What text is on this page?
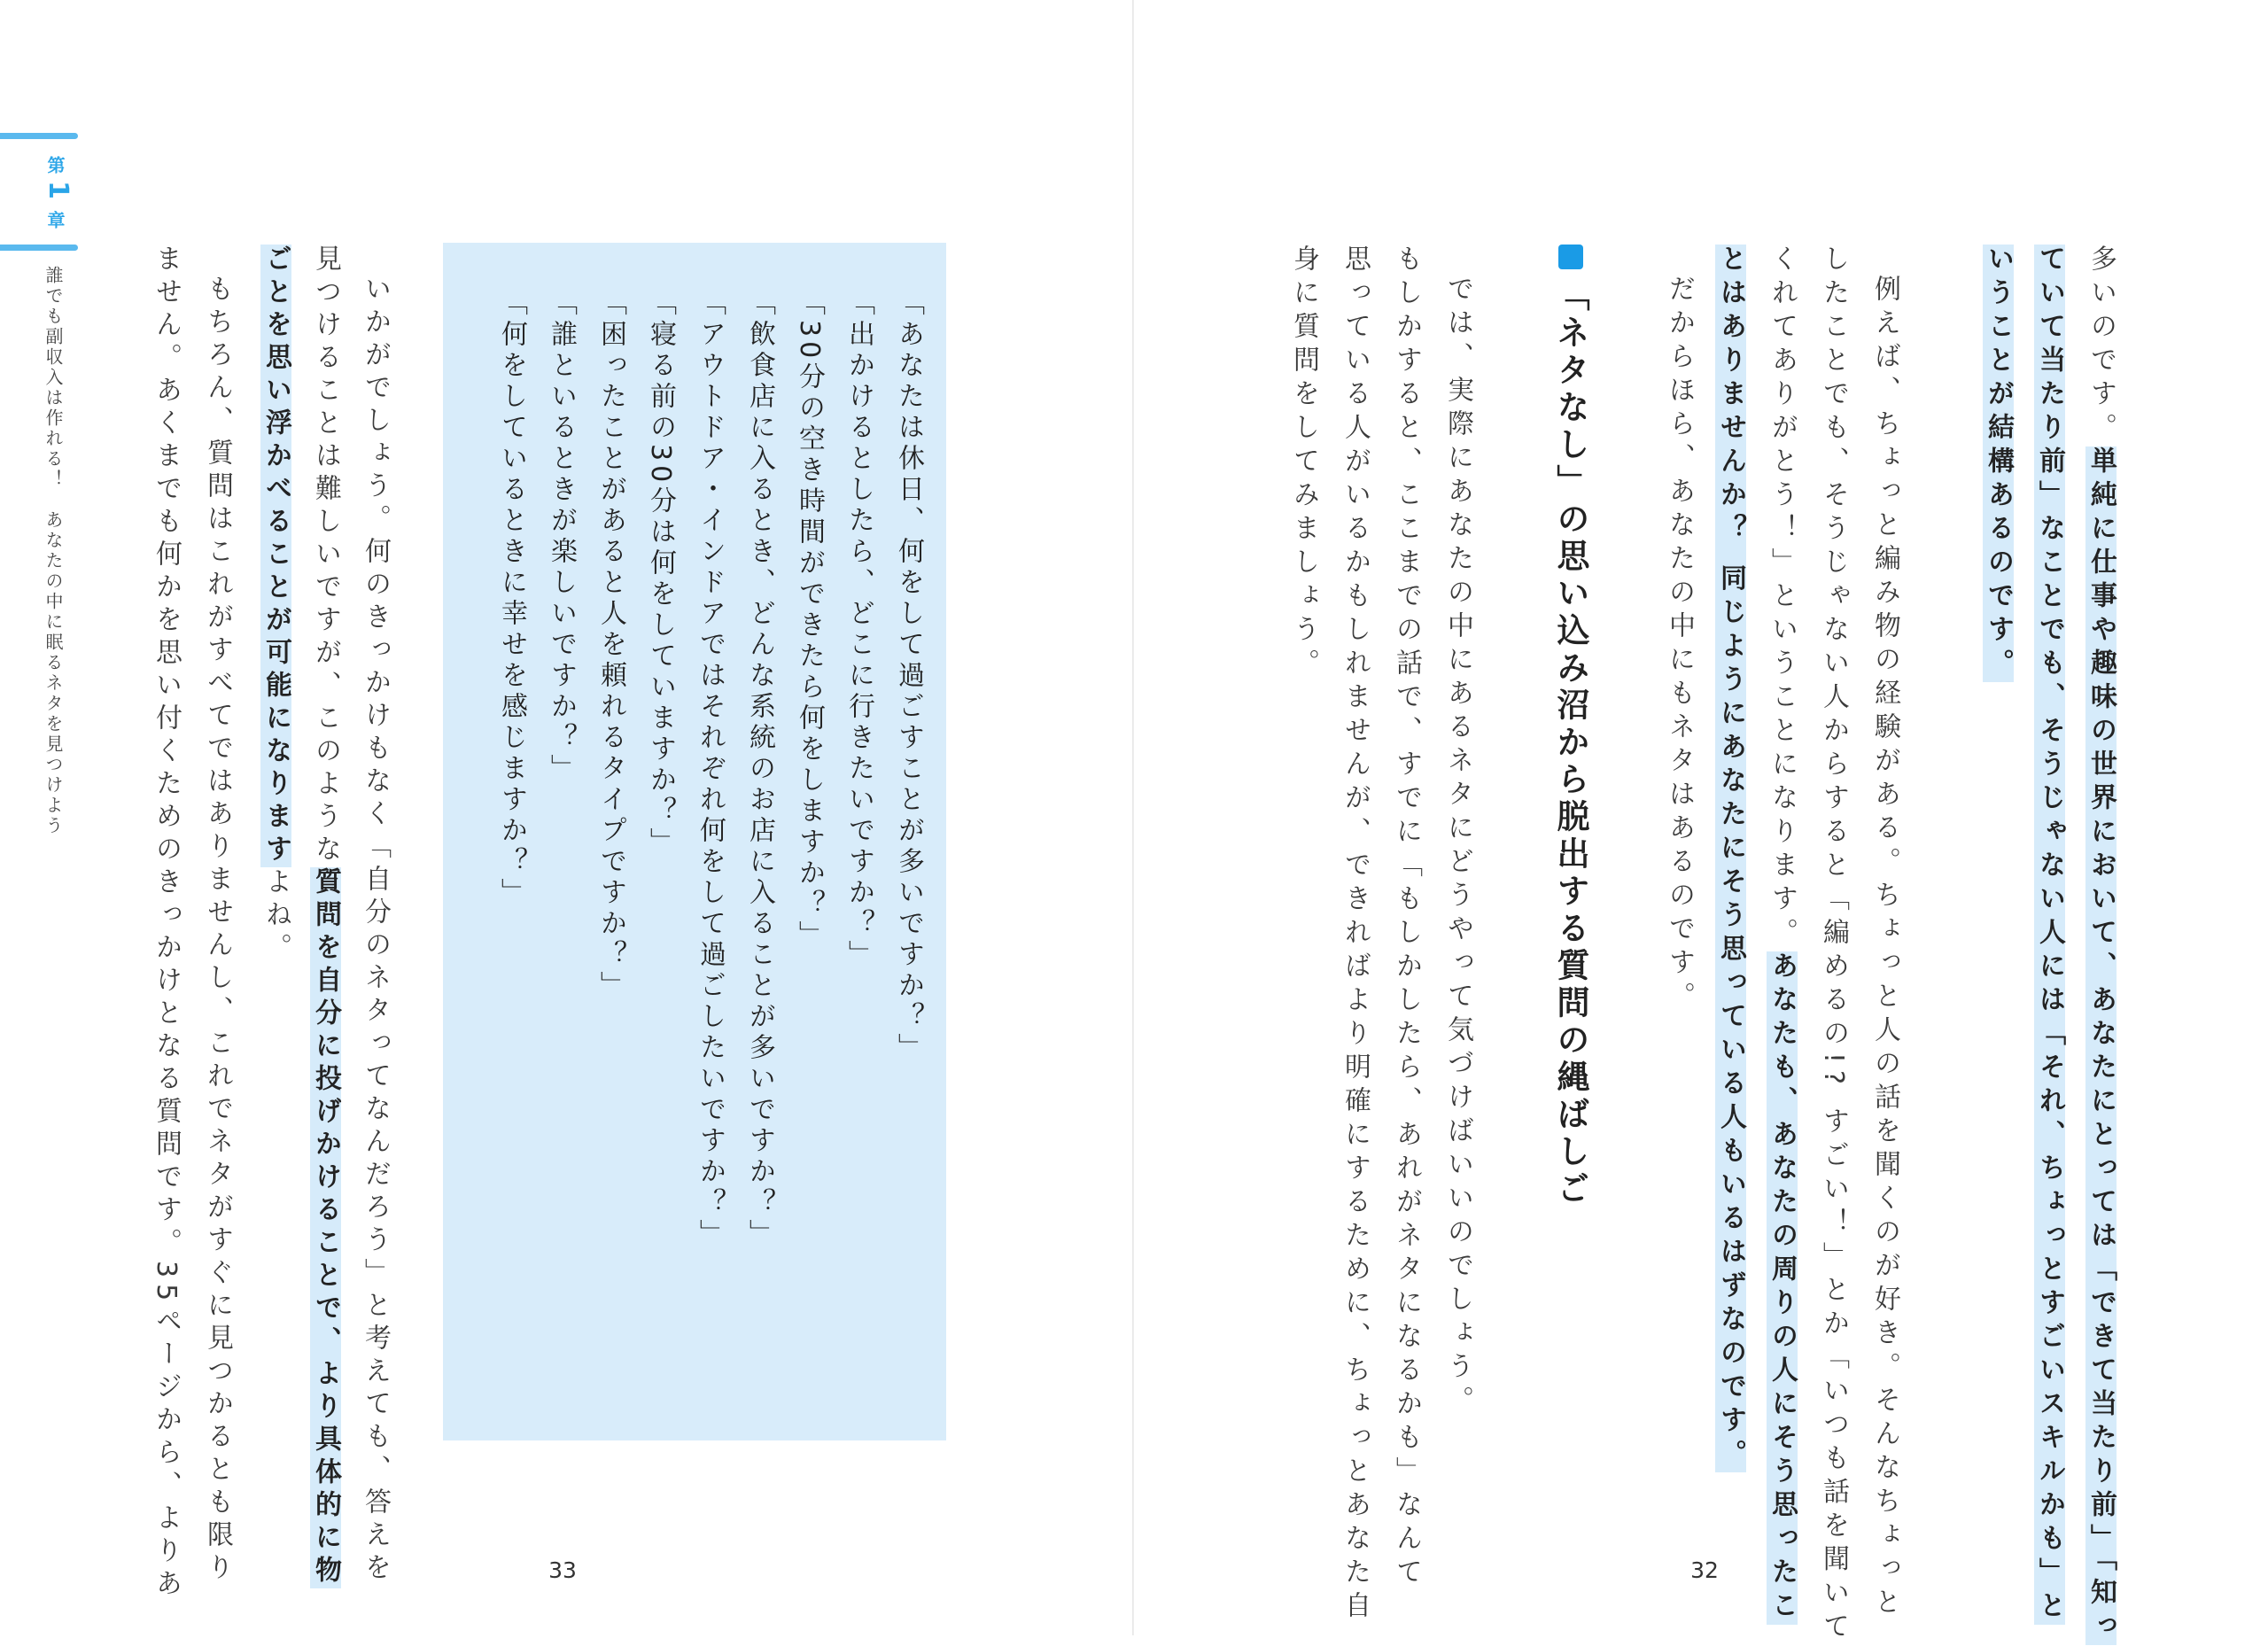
第
1
章
誰でも副収入は作れる！　あなたの中に眠るネタを見つけよう	「あなたは休日、何をして過ごすことが多いですか？」
「出かけるとしたら、どこに行きたいですか？」
「30分の空き時間ができたら何をしますか？」
「飲食店に入るとき、どんな系統のお店に入ることが多いですか？」
「アウトドア・インドアではそれぞれ何をして過ごしたいですか？」
「寝る前の30分は何をしていますか？」
「困ったことがあると人を頼れるタイプですか？」
「誰といるときが楽しいですか？」
「何をしているときに幸せを感じますか？」
いかがでしょう。何のきっかけもなく「自分のネタってなんだろう」と考えても、答えを
見つけることは難しいですが、このような質問を自分に投げかけることで、より具体的に物
ごとを思い浮かべることが可能になりますよね。
もちろん、質問はこれがすべてではありませんし、これでネタがすぐに見つかるとも限り
ません。あくまでも何かを思い付くためのきっかけとなる質問です。35ページから、よりあ	33
多いのです。単純に仕事や趣味の世界において、あなたにとっては「できて当たり前」「知っ
ていて当たり前」なことでも、そうじゃない人には「それ、ちょっとすごいスキルかも」と
いうことが結構あるのです。
例えば、ちょっと編み物の経験がある。ちょっと人の話を聞くのが好き。そんなちょっと
したことでも、そうじゃない人からすると「編めるの!? すごい！」とか「いつも話を聞いて
くれてありがとう！」ということになります。あなたも、あなたの周りの人にそう思ったこ
とはありませんか？ 同じようにあなたにそう思っている人もいるはずなのです。
だからほら、あなたの中にもネタはあるのです。
「ネタなし」の思い込み沼から脱出する質問の縄ばしご
では、実際にあなたの中にあるネタにどうやって気づけばいいのでしょう。
もしかすると、ここまでの話で、すでに「もしかしたら、あれがネタになるかも」なんて
思っている人がいるかもしれませんが、できればより明確にするために、ちょっとあなた自
身に質問をしてみましょう。
32
